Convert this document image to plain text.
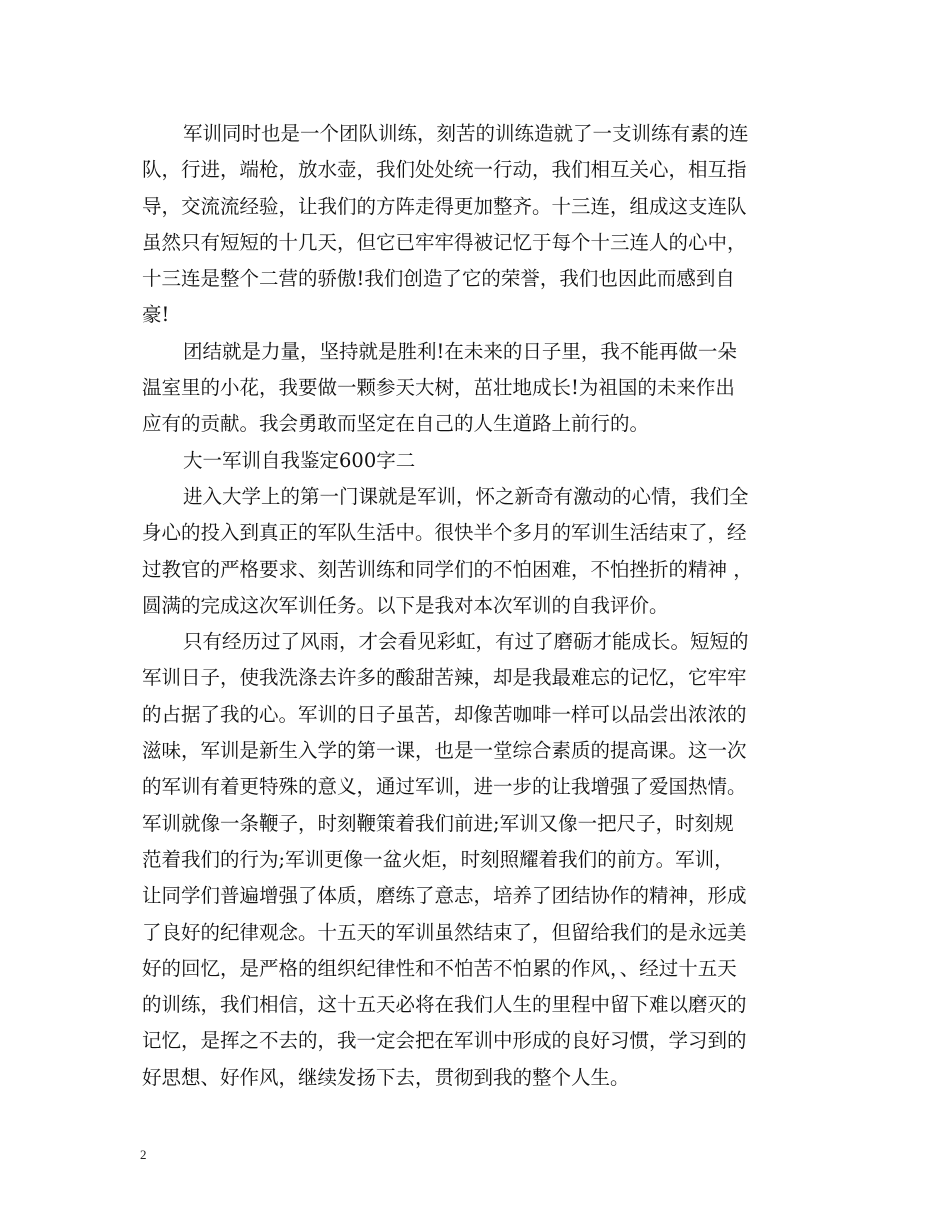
军训同时也是一个团队训练，刻苦的训练造就了一支训练有素的连
队，行进，端枪，放水壶，我们处处统一行动，我们相互关心，相互指
导，交流流经验，让我们的方阵走得更加整齐。十三连，组成这支连队
虽然只有短短的十几天，但它已牢牢得被记忆于每个十三连人的心中，
十三连是整个二营的骄傲!我们创造了它的荣誉，我们也因此而感到自
豪!
团结就是力量，坚持就是胜利!在未来的日子里，我不能再做一朵
温室里的小花，我要做一颗参天大树，茁壮地成长!为祖国的未来作出
应有的贡献。我会勇敢而坚定在自己的人生道路上前行的。
大一军训自我鉴定600字二
进入大学上的第一门课就是军训，怀之新奇有激动的心情，我们全
身心的投入到真正的军队生活中。很快半个多月的军训生活结束了，经
过教官的严格要求、刻苦训练和同学们的不怕困难，不怕挫折的精神 ，
圆满的完成这次军训任务。以下是我对本次军训的自我评价。
只有经历过了风雨，才会看见彩虹，有过了磨砺才能成长。短短的
军训日子，使我洗涤去许多的酸甜苦辣，却是我最难忘的记忆，它牢牢
的占据了我的心。军训的日子虽苦，却像苦咖啡一样可以品尝出浓浓的
滋味，军训是新生入学的第一课，也是一堂综合素质的提高课。这一次
的军训有着更特殊的意义，通过军训，进一步的让我增强了爱国热情。
军训就像一条鞭子，时刻鞭策着我们前进;军训又像一把尺子，时刻规
范着我们的行为;军训更像一盆火炬，时刻照耀着我们的前方。军训，
让同学们普遍增强了体质，磨练了意志，培养了团结协作的精神，形成
了良好的纪律观念。十五天的军训虽然结束了，但留给我们的是永远美
好的回忆，是严格的组织纪律性和不怕苦不怕累的作风，、经过十五天
的训练，我们相信，这十五天必将在我们人生的里程中留下难以磨灭的
记忆，是挥之不去的，我一定会把在军训中形成的良好习惯，学习到的
好思想、好作风，继续发扬下去，贯彻到我的整个人生。
2
